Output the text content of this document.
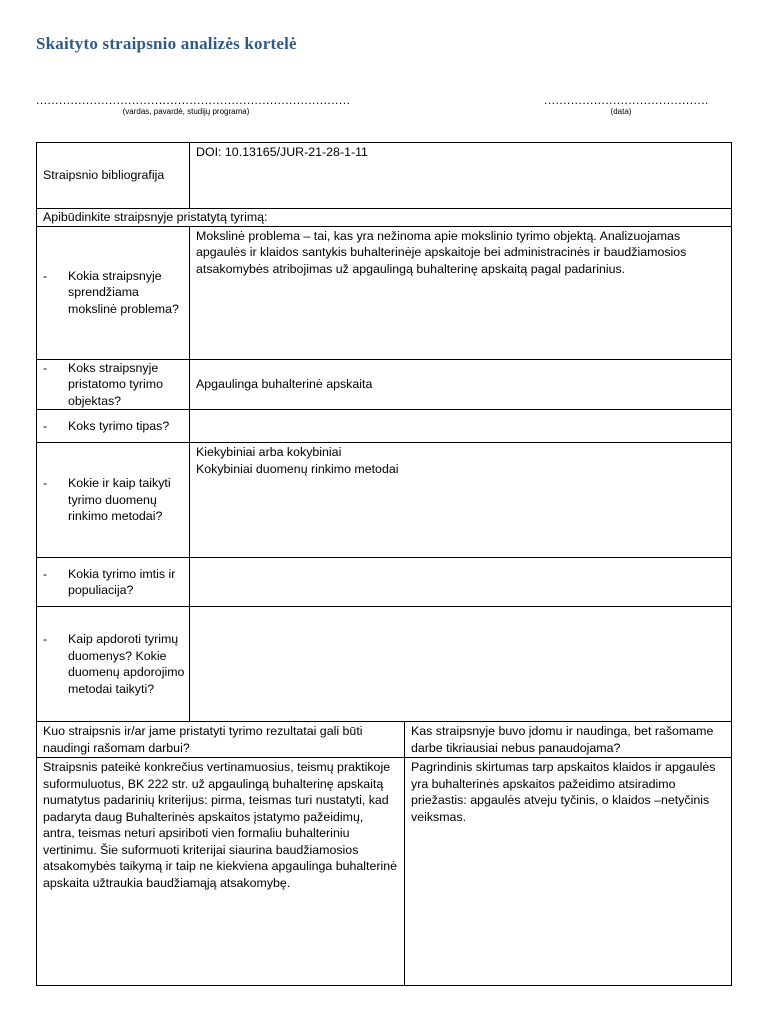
Skaityto straipsnio analizės kortelė
..................................................................................
(vardas, pavardė, studijų programa)
...........................................
(data)
Straipsnio bibliografija	DOI: 10.13165/JUR-21-28-1-11	
Apibūdinkite straipsnyje pristatytą tyrimą:		

- Kokia straipsnyje sprendžiama mokslinė problema?	Mokslinė problema – tai, kas yra nežinoma apie mokslinio tyrimo objektą. Analizuojamas apgaulės ir klaidos santykis buhalterinėje apskaitoje bei administracinės ir baudžiamosios atsakomybės atribojimas už apgaulingą buhalterinę apskaitą pagal padarinius.	

- Koks straipsnyje pristatomo tyrimo objektas?	Apgaulinga buhalterinė apskaita	

- Koks tyrimo tipas?		

- Kokie ir kaip taikyti tyrimo duomenų rinkimo metodai?	Kiekybiniai arba kokybiniai
Kokybiniai duomenų rinkimo metodai	

- Kokia tyrimo imtis ir populiacija?		

- Kaip apdoroti tyrimų duomenys? Kokie duomenų apdorojimo metodai taikyti?		

Kuo straipsnis ir/ar jame pristatyti tyrimo rezultatai gali būti naudingi rašomam darbui?		Kas straipsnyje buvo įdomu ir naudinga, bet rašomame darbe tikriausiai nebus panaudojama?
Straipsnis pateikė konkrečius vertinamuosius, teismų praktikoje suformuluotus, BK 222 str. už apgaulingą buhalterinę apskaitą numatytus padarinių kriterijus: pirma, teismas turi nustatyti, kad padaryta daug Buhalterinės apskaitos įstatymo pažeidimų, antra, teismas neturi apsiriboti vien formaliu buhalteriniu vertinimu. Šie suformuoti kriterijai siaurina baudžiamosios atsakomybės taikymą ir taip ne kiekviena apgaulinga buhalterinė apskaita užtraukia baudžiamąją atsakomybę.		Pagrindinis skirtumas tarp apskaitos klaidos ir apgaulės yra buhalterinės apskaitos pažeidimo atsiradimo priežastis: apgaulės atveju tyčinis, o klaidos –netyčinis veiksmas.
